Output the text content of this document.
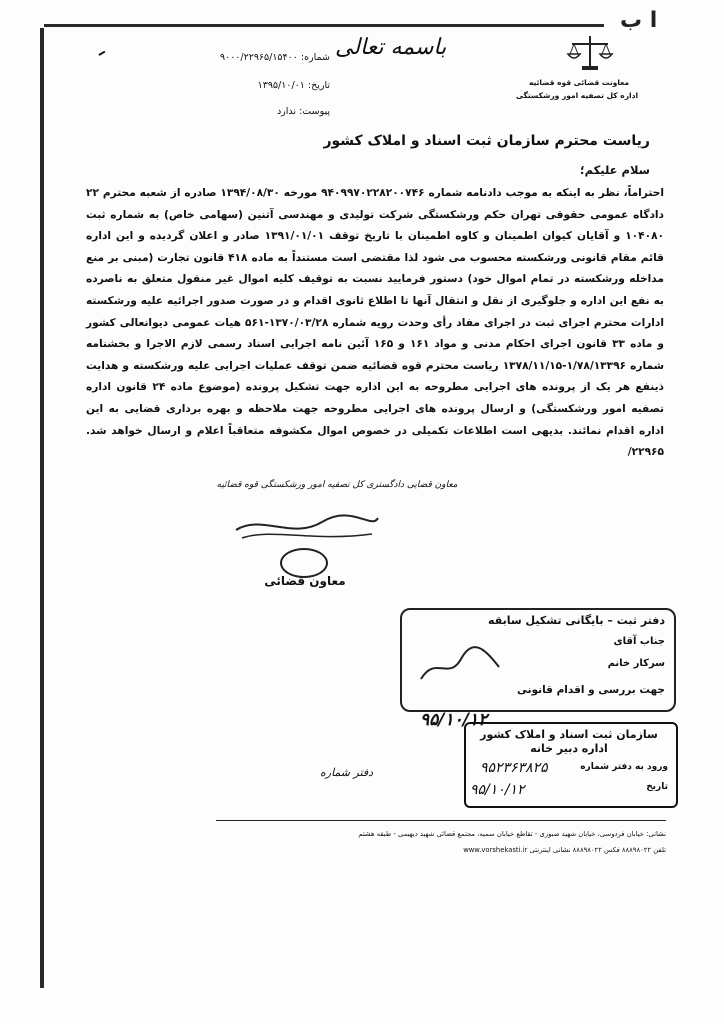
ا ب
ـ
معاونت قضائی قوه قضائیه
اداره کل تصفیه امور ورشکستگی
باسمه تعالی
شماره: ۹۰۰۰/۲۲۹۶۵/۱۵۴۰۰
تاریخ: ۱۳۹۵/۱۰/۰۱
پیوست: ندارد
ریاست محترم سازمان ثبت اسناد و املاک کشور
سلام علیکم؛
احتراماً، نظر به اینکه به موجب دادنامه شماره ۹۴۰۹۹۷۰۲۲۸۲۰۰۷۴۶ مورخه ۱۳۹۴/۰۸/۳۰ صادره از شعبه محترم ۲۲ دادگاه عمومی حقوقی تهران حکم ورشکستگی شرکت تولیدی و مهندسی آتنین (سهامی خاص) به شماره ثبت ۱۰۴۰۸۰ و آقایان کیوان اطمینان و کاوه اطمینان با تاریخ توقف ۱۳۹۱/۰۱/۰۱ صادر و اعلان گردیده و این اداره قائم مقام قانونی ورشکسته محسوب می شود لذا مقتضی است مستنداً به ماده ۴۱۸ قانون تجارت (مبنی بر منع مداخله ورشکسته در تمام اموال خود) دستور فرمایید نسبت به توقیف کلیه اموال غیر منقول متعلق به ناصرده به نفع این اداره و جلوگیری از نقل و انتقال آنها تا اطلاع ثانوی اقدام و در صورت صدور اجرائیه علیه ورشکسته ادارات محترم اجرای ثبت در اجرای مفاد رأی وحدت رویه شماره ۱۳۷۰/۰۳/۲۸-۵۶۱ هیات عمومی دیوانعالی کشور و ماده ۳۳ قانون اجرای احکام مدنی و مواد ۱۶۱ و ۱۶۵ آئین نامه اجرایی اسناد رسمی لازم الاجرا و بخشنامه شماره ۱/۷۸/۱۳۳۹۶-۱۳۷۸/۱۱/۱۵ ریاست محترم قوه قضائیه ضمن توقف عملیات اجرایی علیه ورشکسته و هدایت ذینفع هر یک از پرونده های اجرایی مطروحه به این اداره جهت تشکیل پرونده (موضوع ماده ۲۴ قانون اداره تصفیه امور ورشکستگی) و ارسال پرونده های اجرایی مطروحه جهت ملاحظه و بهره برداری قضایی به این اداره اقدام نمائند. بدیهی است اطلاعات تکمیلی در خصوص اموال مکشوفه متعاقباً اعلام و ارسال خواهد شد. ۲۲۹۶۵/
معاون قضایی دادگستری کل تصفیه امور ورشکستگی قوه قضائیه
معاون قضائی
دفتر ثبت – بایگانی تشکیل سابقه
جناب آقای
سرکار خانم
جهت بررسی و اقدام قانونی
۹۵/۱۰/۱۲
سازمان ثبت اسناد و املاک کشور
اداره دبیر خانه
ورود به دفتر شماره
تاریخ
۹۵۲۳۶۳۸۲۵
۹۵/۱۰/۱۲
دفتر شماره
نشانی: خیابان فردوسی، خیابان شهید صبوری - تقاطع خیابان سمیه، مجتمع قضائی شهید دیهیمی - طبقه هشتم
تلفن ۸۸۸۹۸۰۲۲ فکس ۸۸۸۹۸۰۲۲ نشانی اینترنتی www.vorshekasti.ir
